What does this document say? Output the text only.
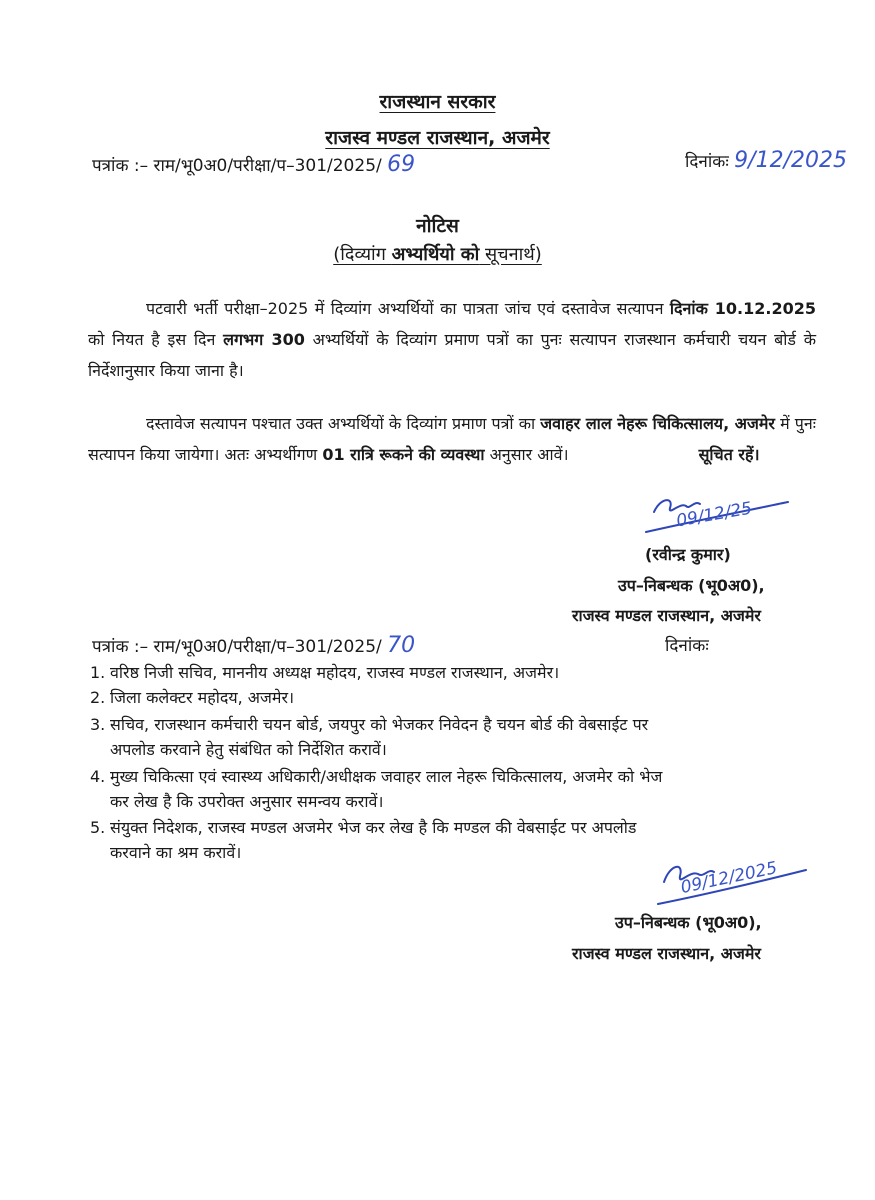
राजस्थान सरकार
राजस्व मण्डल राजस्थान, अजमेर
पत्रांक :– राम/भू0अ0/परीक्षा/प–301/2025/ 69	दिनांकः 9/12/2025
नोटिस
(दिव्यांग अभ्यर्थियो को सूचनार्थ)
पटवारी भर्ती परीक्षा–2025 में दिव्यांग अभ्यर्थियों का पात्रता जांच एवं दस्तावेज सत्यापन दिनांक 10.12.2025 को नियत है इस दिन लगभग 300 अभ्यर्थियों के दिव्यांग प्रमाण पत्रों का पुनः सत्यापन राजस्थान कर्मचारी चयन बोर्ड के निर्देशानुसार किया जाना है।
दस्तावेज सत्यापन पश्चात उक्त अभ्यर्थियों के दिव्यांग प्रमाण पत्रों का जवाहर लाल नेहरू चिकित्सालय, अजमेर में पुनः सत्यापन किया जायेगा। अतः अभ्यर्थीगण 01 रात्रि रूकने की व्यवस्था अनुसार आवें।	सूचित रहें।
09/12/25
(रवीन्द्र कुमार)
उप–निबन्धक (भू0अ0),
राजस्व मण्डल राजस्थान, अजमेर
पत्रांक :– राम/भू0अ0/परीक्षा/प–301/2025/ 70	दिनांकः
1. वरिष्ठ निजी सचिव, माननीय अध्यक्ष महोदय, राजस्व मण्डल राजस्थान, अजमेर।
2. जिला कलेक्टर महोदय, अजमेर।
3. सचिव, राजस्थान कर्मचारी चयन बोर्ड, जयपुर को भेजकर निवेदन है चयन बोर्ड की वेबसाईट पर
अपलोड करवाने हेतु संबंधित को निर्देशित करावें।
4. मुख्य चिकित्सा एवं स्वास्थ्य अधिकारी/अधीक्षक जवाहर लाल नेहरू चिकित्सालय, अजमेर को भेज
कर लेख है कि उपरोक्त अनुसार समन्वय करावें।
5. संयुक्त निदेशक, राजस्व मण्डल अजमेर भेज कर लेख है कि मण्डल की वेबसाईट पर अपलोड
करवाने का श्रम करावें।
09/12/2025
उप–निबन्धक (भू0अ0),
राजस्व मण्डल राजस्थान, अजमेर
